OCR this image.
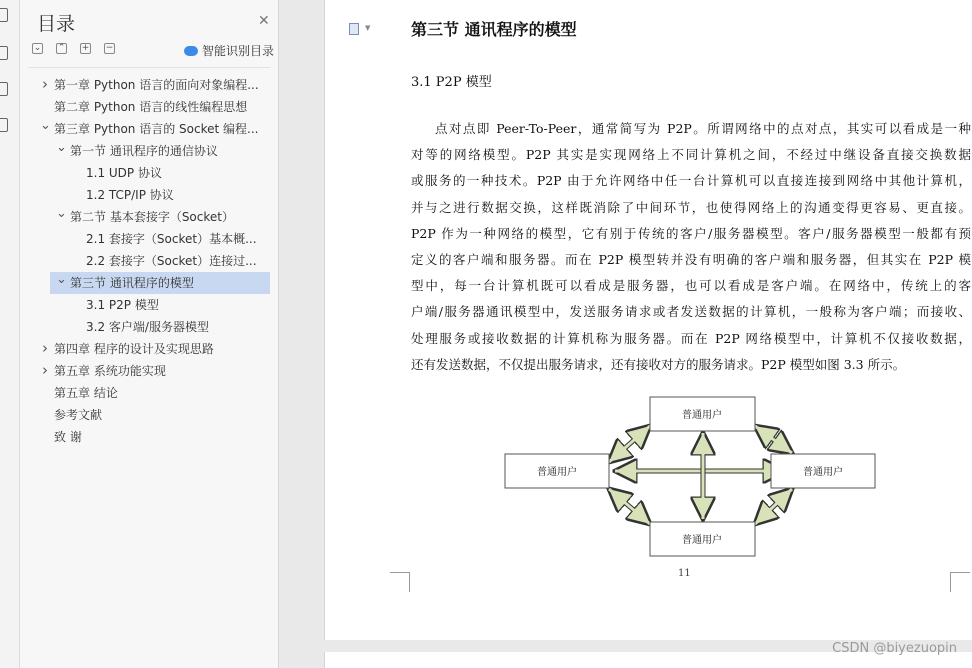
目录	✕
⌄ ⌃ + −
··	智能识别目录
› 第一章 Python 语言的面向对象编程...
第二章 Python 语言的线性编程思想
⌄ 第三章 Python 语言的 Socket 编程...
⌄ 第一节 通讯程序的通信协议
1.1 UDP 协议
1.2 TCP/IP 协议
⌄ 第二节 基本套接字（Socket）
2.1 套接字（Socket）基本概...
2.2 套接字（Socket）连接过...
⌄ 第三节 通讯程序的模型
3.1 P2P 模型
3.2 客户端/服务器模型
› 第四章 程序的设计及实现思路
› 第五章 系统功能实现
第五章 结论
参考文献
致 谢
▼	第三节 通讯程序的模型
3.1 P2P 模型
点对点即 Peer-To-Peer，通常简写为 P2P。所谓网络中的点对点，其实可以看成是一种
对等的网络模型。P2P 其实是实现网络上不同计算机之间，不经过中继设备直接交换数据
或服务的一种技术。P2P 由于允许网络中任一台计算机可以直接连接到网络中其他计算机，
并与之进行数据交换，这样既消除了中间环节，也使得网络上的沟通变得更容易、更直接。
P2P 作为一种网络的模型，它有别于传统的客户/服务器模型。客户/服务器模型一般都有预
定义的客户端和服务器。而在 P2P 模型转并没有明确的客户端和服务器，但其实在 P2P 模
型中，每一台计算机既可以看成是服务器，也可以看成是客户端。在网络中，传统上的客
户端/服务器通讯模型中，发送服务请求或者发送数据的计算机，一般称为客户端；而接收、
处理服务或接收数据的计算机称为服务器。而在 P2P 网络模型中，计算机不仅接收数据，
还有发送数据，不仅提出服务请求，还有接收对方的服务请求。P2P 模型如图 3.3 所示。
普通用户
普通用户	普通用户
普通用户
11
CSDN @biyezuopin
